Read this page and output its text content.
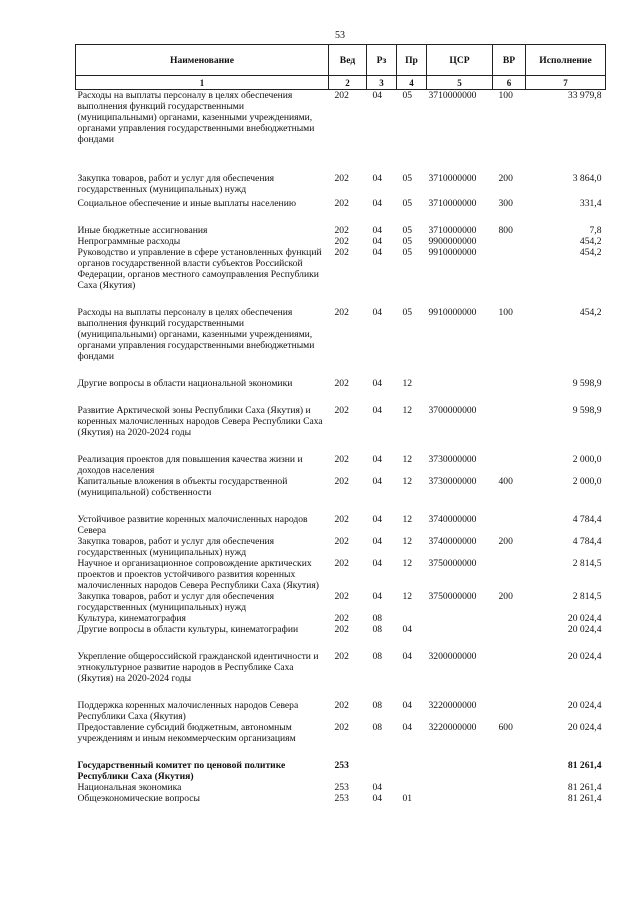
53
Наименование	Вед	Рз	Пр	ЦСР	ВР	Исполнение
1	2	3	4	5	6	7
Расходы на выплаты персоналу в целях обеспечения выполнения функций государственными (муниципальными) органами, казенными учреждениями, органами управления государственными внебюджетными фондами	202	04	05	3710000000	100	33 979,8
Закупка товаров, работ и услуг для обеспечения государственных (муниципальных) нужд	202	04	05	3710000000	200	3 864,0
Социальное обеспечение и иные выплаты населению	202	04	05	3710000000	300	331,4
Иные бюджетные ассигнования	202	04	05	3710000000	800	7,8
Непрограммные расходы	202	04	05	9900000000		454,2
Руководство и управление в сфере установленных функций органов государственной власти субъектов Российской Федерации, органов местного самоуправления Республики Саха (Якутия)	202	04	05	9910000000		454,2
Расходы на выплаты персоналу в целях обеспечения выполнения функций государственными (муниципальными) органами, казенными учреждениями, органами управления государственными внебюджетными фондами	202	04	05	9910000000	100	454,2
Другие вопросы в области национальной экономики	202	04	12			9 598,9
Развитие Арктической зоны Республики Саха (Якутия) и коренных малочисленных народов Севера Республики Саха (Якутия) на 2020-2024 годы	202	04	12	3700000000		9 598,9
Реализация проектов для повышения качества жизни и доходов населения	202	04	12	3730000000		2 000,0
Капитальные вложения в объекты государственной (муниципальной) собственности	202	04	12	3730000000	400	2 000,0
Устойчивое развитие коренных малочисленных народов Севера	202	04	12	3740000000		4 784,4
Закупка товаров, работ и услуг для обеспечения государственных (муниципальных) нужд	202	04	12	3740000000	200	4 784,4
Научное и организационное сопровождение арктических проектов и проектов устойчивого развития коренных малочисленных народов Севера Республики Саха (Якутия)	202	04	12	3750000000		2 814,5
Закупка товаров, работ и услуг для обеспечения государственных (муниципальных) нужд	202	04	12	3750000000	200	2 814,5
Культура, кинематография	202	08				20 024,4
Другие вопросы в области культуры, кинематографии	202	08	04			20 024,4
Укрепление общероссийской гражданской идентичности и этнокультурное развитие народов в Республике Саха (Якутия) на 2020-2024 годы	202	08	04	3200000000		20 024,4
Поддержка коренных малочисленных народов Севера Республики Саха (Якутия)	202	08	04	3220000000		20 024,4
Предоставление субсидий бюджетным, автономным учреждениям и иным некоммерческим организациям	202	08	04	3220000000	600	20 024,4
Государственный комитет по ценовой политике Республики Саха (Якутия)	253					81 261,4
Национальная экономика	253	04				81 261,4
Общеэкономические вопросы	253	04	01			81 261,4
